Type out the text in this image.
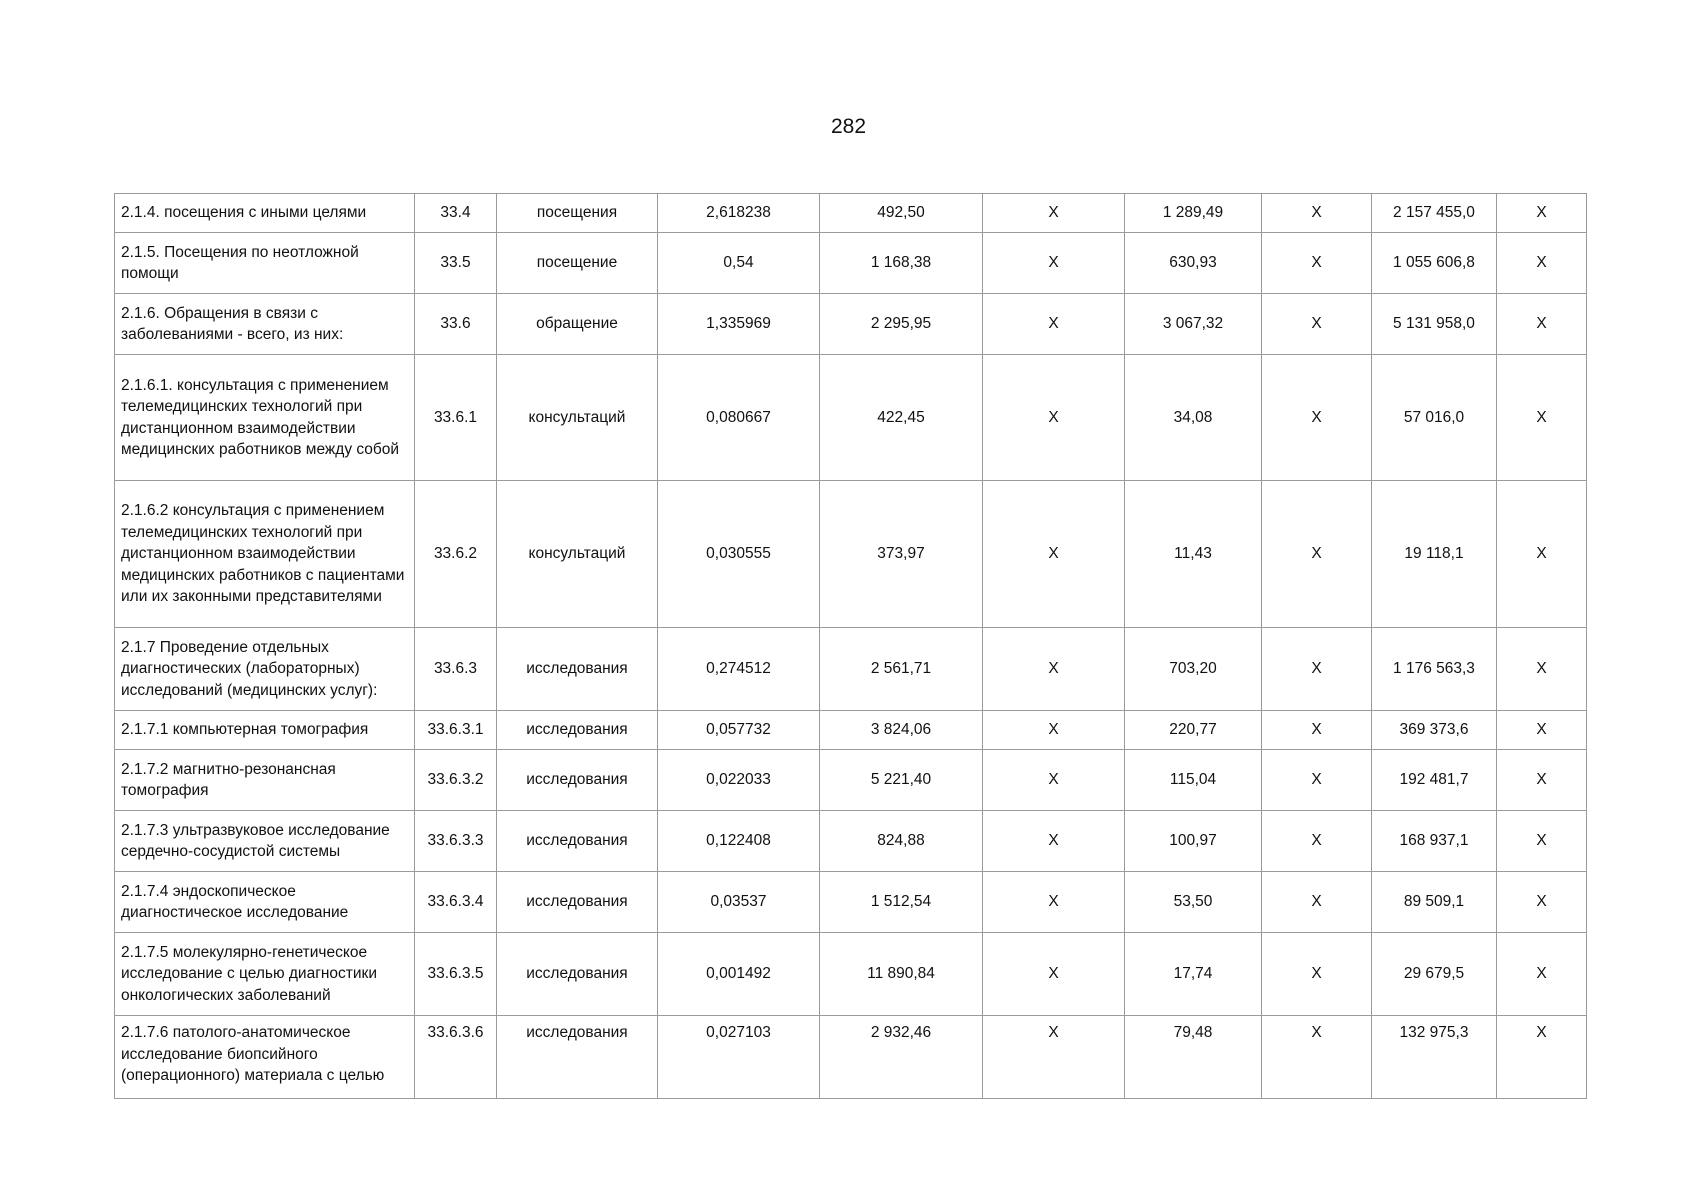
282
2.1.4. посещения с иными целями	33.4	посещения	2,618238	492,50	X	1 289,49	X	2 157 455,0	X
2.1.5. Посещения по неотложной помощи	33.5	посещение	0,54	1 168,38	X	630,93	X	1 055 606,8	X
2.1.6. Обращения в связи с заболеваниями - всего, из них:	33.6	обращение	1,335969	2 295,95	X	3 067,32	X	5 131 958,0	X
2.1.6.1. консультация с применением телемедицинских технологий при дистанционном взаимодействии медицинских работников между собой	33.6.1	консультаций	0,080667	422,45	X	34,08	X	57 016,0	X
2.1.6.2 консультация с применением телемедицинских технологий при дистанционном взаимодействии медицинских работников с пациентами или их законными представителями	33.6.2	консультаций	0,030555	373,97	X	11,43	X	19 118,1	X
2.1.7 Проведение отдельных диагностических (лабораторных) исследований (медицинских услуг):	33.6.3	исследования	0,274512	2 561,71	X	703,20	X	1 176 563,3	X
2.1.7.1 компьютерная томография	33.6.3.1	исследования	0,057732	3 824,06	X	220,77	X	369 373,6	X
2.1.7.2 магнитно-резонансная томография	33.6.3.2	исследования	0,022033	5 221,40	X	115,04	X	192 481,7	X
2.1.7.3 ультразвуковое исследование сердечно-сосудистой системы	33.6.3.3	исследования	0,122408	824,88	X	100,97	X	168 937,1	X
2.1.7.4 эндоскопическое диагностическое исследование	33.6.3.4	исследования	0,03537	1 512,54	X	53,50	X	89 509,1	X
2.1.7.5 молекулярно-генетическое исследование с целью диагностики онкологических заболеваний	33.6.3.5	исследования	0,001492	11 890,84	X	17,74	X	29 679,5	X
2.1.7.6 патолого-анатомическое исследование биопсийного (операционного) материала с целью	33.6.3.6	исследования	0,027103	2 932,46	X	79,48	X	132 975,3	X
